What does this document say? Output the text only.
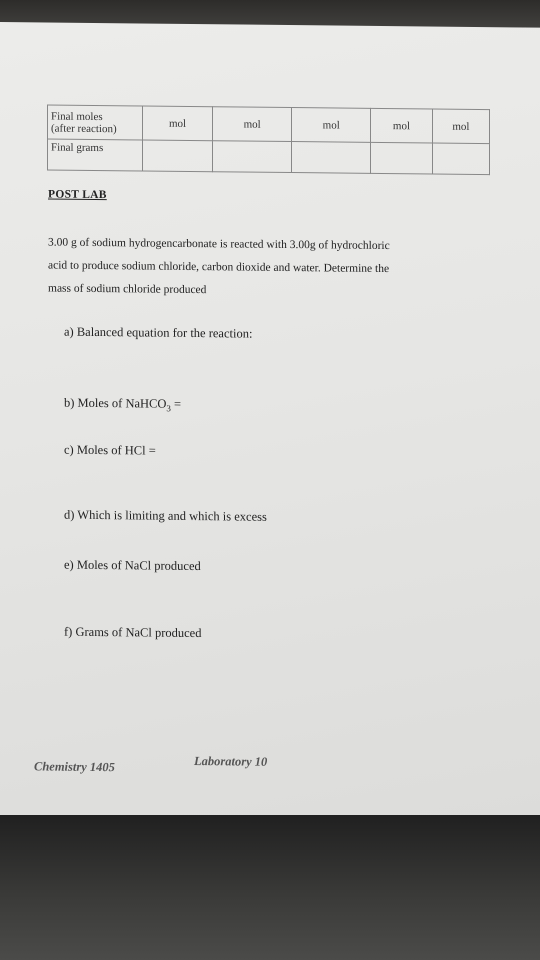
Final moles
(after reaction)	mol	mol	mol	mol	mol
Final grams					
POST LAB
3.00 g of sodium hydrogencarbonate is reacted with 3.00g of hydrochloric
acid to produce sodium chloride, carbon dioxide and water. Determine the
mass of sodium chloride produced
a) Balanced equation for the reaction:
b) Moles of NaHCO$_3$ =
c) Moles of HCl =
d) Which is limiting and which is excess
e) Moles of NaCl produced
f) Grams of NaCl produced
Chemistry 1405	Laboratory 10
